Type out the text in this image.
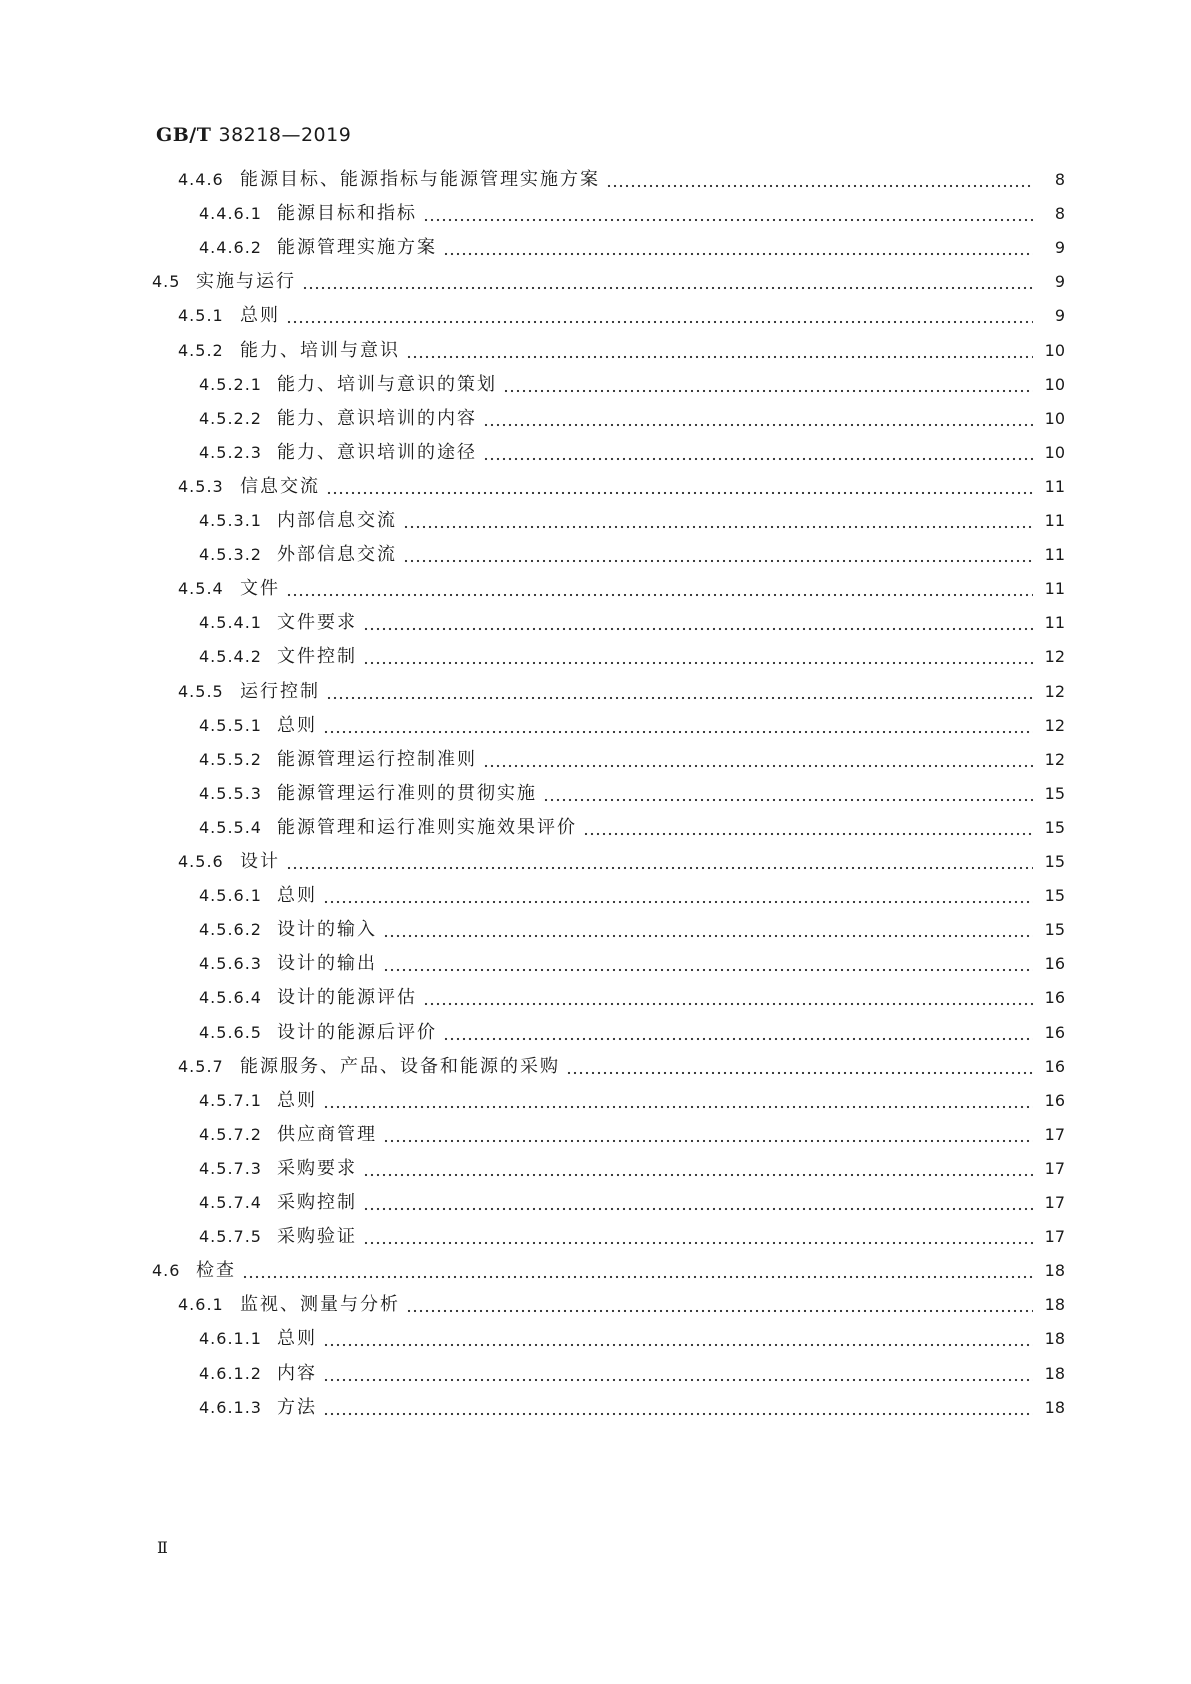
GB/T 38218—2019
4.4.6 能源目标、能源指标与能源管理实施方案	8
4.4.6.1 能源目标和指标	8
4.4.6.2 能源管理实施方案	9
4.5 实施与运行	9
4.5.1 总则	9
4.5.2 能力、培训与意识	10
4.5.2.1 能力、培训与意识的策划	10
4.5.2.2 能力、意识培训的内容	10
4.5.2.3 能力、意识培训的途径	10
4.5.3 信息交流	11
4.5.3.1 内部信息交流	11
4.5.3.2 外部信息交流	11
4.5.4 文件	11
4.5.4.1 文件要求	11
4.5.4.2 文件控制	12
4.5.5 运行控制	12
4.5.5.1 总则	12
4.5.5.2 能源管理运行控制准则	12
4.5.5.3 能源管理运行准则的贯彻实施	15
4.5.5.4 能源管理和运行准则实施效果评价	15
4.5.6 设计	15
4.5.6.1 总则	15
4.5.6.2 设计的输入	15
4.5.6.3 设计的输出	16
4.5.6.4 设计的能源评估	16
4.5.6.5 设计的能源后评价	16
4.5.7 能源服务、产品、设备和能源的采购	16
4.5.7.1 总则	16
4.5.7.2 供应商管理	17
4.5.7.3 采购要求	17
4.5.7.4 采购控制	17
4.5.7.5 采购验证	17
4.6 检查	18
4.6.1 监视、测量与分析	18
4.6.1.1 总则	18
4.6.1.2 内容	18
4.6.1.3 方法	18
Ⅱ
